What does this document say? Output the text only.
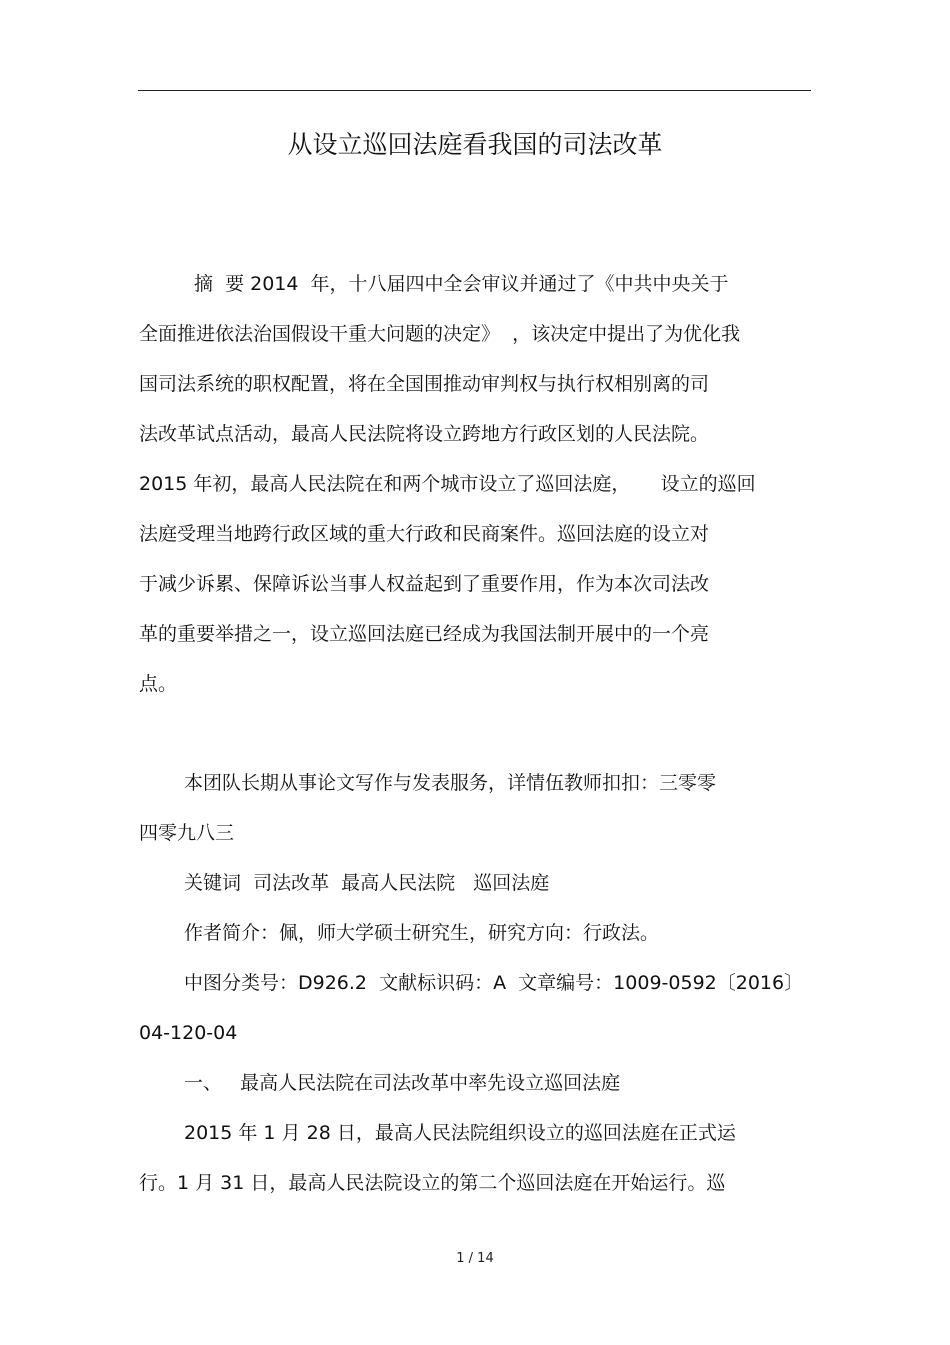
从设立巡回法庭看我国的司法改革
摘  要 2014  年，十八届四中全会审议并通过了《中共中央关于
全面推进依法治国假设干重大问题的决定》  ，该决定中提出了为优化我
国司法系统的职权配置，将在全国围推动审判权与执行权相别离的司
法改革试点活动，最高人民法院将设立跨地方行政区划的人民法院。
2015 年初，最高人民法院在和两个城市设立了巡回法庭，     设立的巡回
法庭受理当地跨行政区域的重大行政和民商案件。巡回法庭的设立对
于减少诉累、保障诉讼当事人权益起到了重要作用，作为本次司法改
革的重要举措之一，设立巡回法庭已经成为我国法制开展中的一个亮
点。
本团队长期从事论文写作与发表服务，详情伍教师扣扣：三零零
四零九八三
关键词  司法改革  最高人民法院   巡回法庭
作者简介：佩，师大学硕士研究生，研究方向：行政法。
中图分类号：D926.2  文献标识码：A  文章编号：1009-0592〔2016〕
04-120-04
一、   最高人民法院在司法改革中率先设立巡回法庭
2015 年 1 月 28 日，最高人民法院组织设立的巡回法庭在正式运
行。1 月 31 日，最高人民法院设立的第二个巡回法庭在开始运行。巡
1 / 14
